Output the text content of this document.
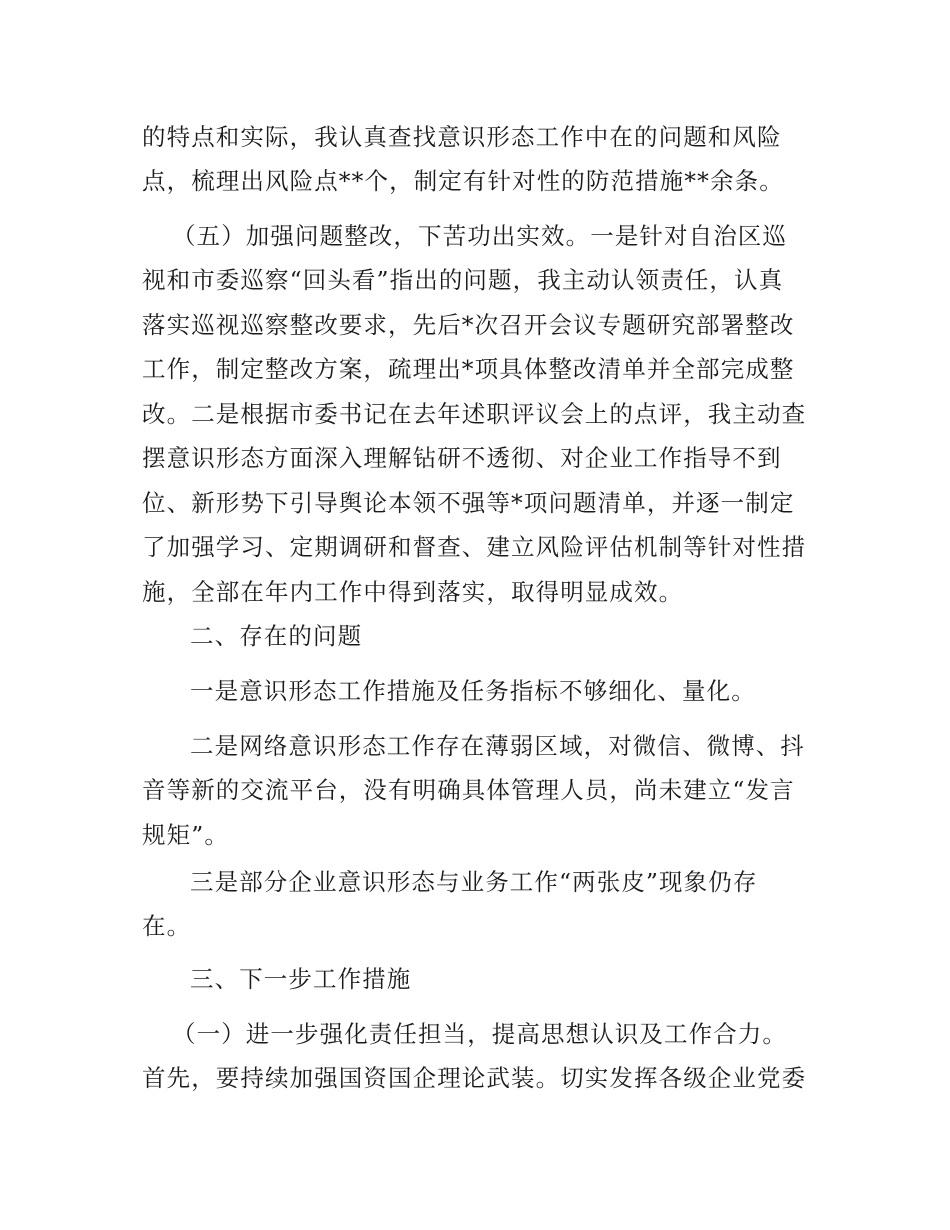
的特点和实际，我认真查找意识形态工作中在的问题和风险
点，梳理出风险点**个，制定有针对性的防范措施**余条。
（五）加强问题整改，下苦功出实效。一是针对自治区巡
视和市委巡察“回头看”指出的问题，我主动认领责任，认真
落实巡视巡察整改要求，先后*次召开会议专题研究部署整改
工作，制定整改方案，疏理出*项具体整改清单并全部完成整
改。二是根据市委书记在去年述职评议会上的点评，我主动查
摆意识形态方面深入理解钻研不透彻、对企业工作指导不到
位、新形势下引导舆论本领不强等*项问题清单，并逐一制定
了加强学习、定期调研和督查、建立风险评估机制等针对性措
施，全部在年内工作中得到落实，取得明显成效。
二、存在的问题
一是意识形态工作措施及任务指标不够细化、量化。
二是网络意识形态工作存在薄弱区域，对微信、微博、抖
音等新的交流平台，没有明确具体管理人员，尚未建立“发言
规矩”。
三是部分企业意识形态与业务工作“两张皮”现象仍存
在。
三、下一步工作措施
（一）进一步强化责任担当，提高思想认识及工作合力。
首先，要持续加强国资国企理论武装。切实发挥各级企业党委
